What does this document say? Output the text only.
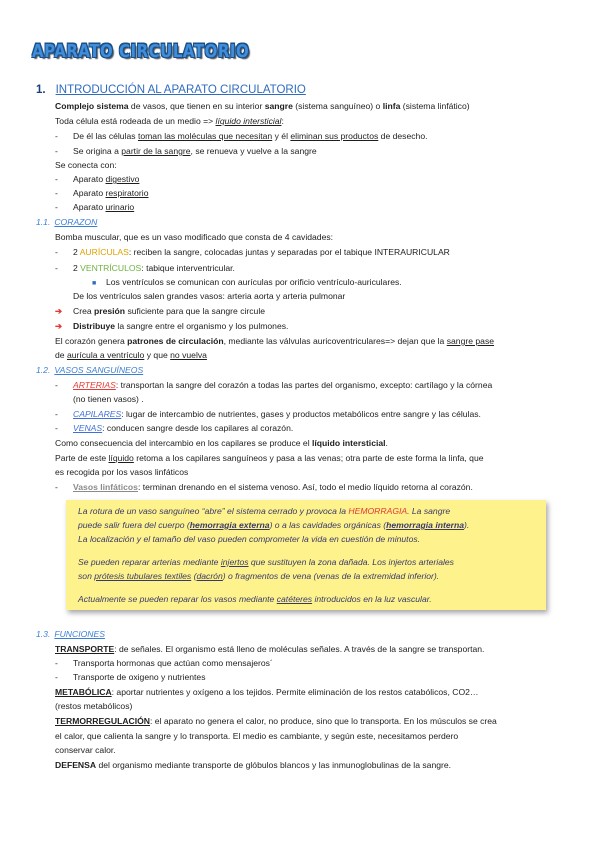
APARATO CIRCULATORIO
1. INTRODUCCIÓN AL APARATO CIRCULATORIO
Complejo sistema de vasos, que tienen en su interior sangre (sistema sanguíneo) o linfa (sistema linfático)
Toda célula está rodeada de un medio => líquido intersticial:
- De él las células toman las moléculas que necesitan y él eliminan sus productos de desecho.
- Se origina a partir de la sangre, se renueva y vuelve a la sangre
Se conecta con:
- Aparato digestivo
- Aparato respiratorio
- Aparato urinario
1.1. CORAZON
Bomba muscular, que es un vaso modificado que consta de 4 cavidades:
- 2 AURÍCULAS: reciben la sangre, colocadas juntas y separadas por el tabique INTERAURICULAR
- 2 VENTRÍCULOS: tabique interventricular.
■ Los ventrículos se comunican con aurículas por orificio ventrículo-auriculares.
De los ventrículos salen grandes vasos: arteria aorta y arteria pulmonar
➔ Crea presión suficiente para que la sangre circule
➔ Distribuye la sangre entre el organismo y los pulmones.
El corazón genera patrones de circulación, mediante las válvulas auricoventriculares=> dejan que la sangre pase
de aurícula a ventrículo y que no vuelva
1.2. VASOS SANGUÍNEOS
- ARTERIAS: transportan la sangre del corazón a todas las partes del organismo, excepto: cartílago y la córnea
(no tienen vasos) .
- CAPILARES: lugar de intercambio de nutrientes, gases y productos metabólicos entre sangre y las células.
- VENAS: conducen sangre desde los capilares al corazón.
Como consecuencia del intercambio en los capilares se produce el líquido intersticial.
Parte de este líquido retoma a los capilares sanguíneos y pasa a las venas; otra parte de este forma la linfa, que
es recogida por los vasos linfáticos
- Vasos linfáticos: terminan drenando en el sistema venoso. Así, todo el medio líquido retorna al corazón.
La rotura de un vaso sanguíneo “abre” el sistema cerrado y provoca la HEMORRAGIA. La sangre
puede salir fuera del cuerpo (hemorragia externa) o a las cavidades orgánicas (hemorragia interna).
La localización y el tamaño del vaso pueden comprometer la vida en cuestión de minutos.
Se pueden reparar arterias mediante injertos que sustituyen la zona dañada. Los injertos arteriales
son prótesis tubulares textiles (dacrón) o fragmentos de vena (venas de la extremidad inferior).
Actualmente se pueden reparar los vasos mediante catéteres introducidos en la luz vascular.
1.3. FUNCIONES
TRANSPORTE: de señales. El organismo está lleno de moléculas señales. A través de la sangre se transportan.
- Transporta hormonas que actúan como mensajeros´
- Transporte de oxigeno y nutrientes
METABÓLICA: aportar nutrientes y oxígeno a los tejidos. Permite eliminación de los restos catabólicos, CO2…
(restos metabólicos)
TERMORREGULACIÓN: el aparato no genera el calor, no produce, sino que lo transporta. En los músculos se crea
el calor, que calienta la sangre y lo transporta. El medio es cambiante, y según este, necesitamos perdero
conservar calor.
DEFENSA del organismo mediante transporte de glóbulos blancos y las inmunoglobulinas de la sangre.
